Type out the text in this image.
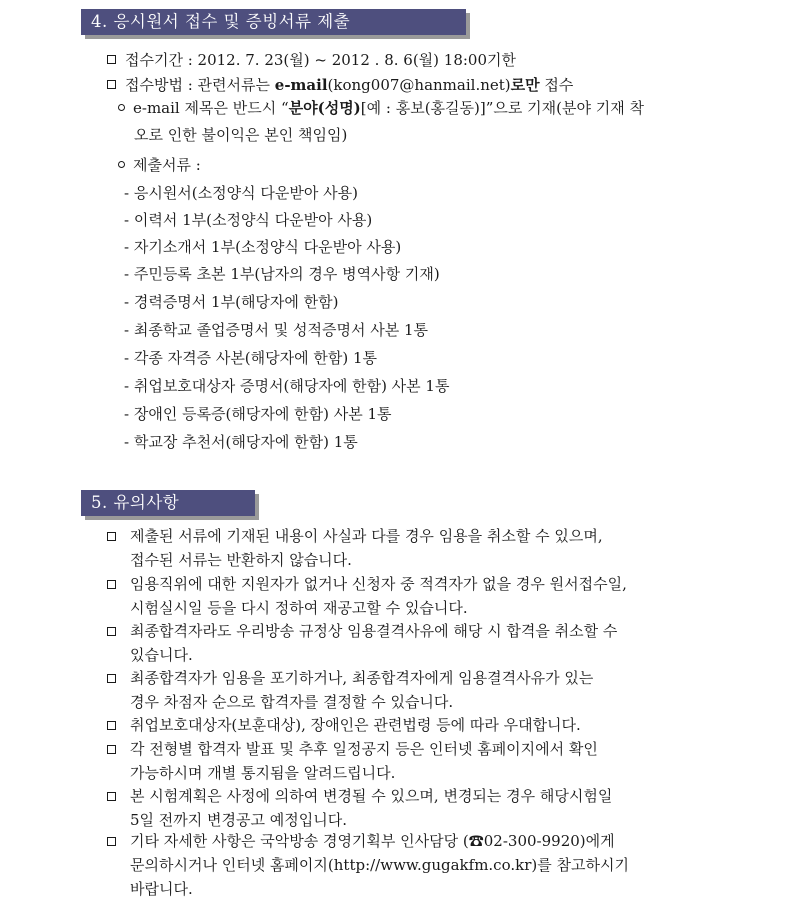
4. 응시원서 접수 및 증빙서류 제출
접수기간 : 2012. 7. 23(월) ~ 2012 . 8. 6(월) 18:00기한
접수방법 : 관련서류는 e-mail(kong007@hanmail.net)로만 접수
e-mail 제목은 반드시 “분야(성명)[예 : 홍보(홍길동)]”으로 기재(분야 기재 착
오로 인한 불이익은 본인 책임임)
제출서류 :
- 응시원서(소정양식 다운받아 사용)
- 이력서 1부(소정양식 다운받아 사용)
- 자기소개서 1부(소정양식 다운받아 사용)
- 주민등록 초본 1부(남자의 경우 병역사항 기재)
- 경력증명서 1부(해당자에 한함)
- 최종학교 졸업증명서 및 성적증명서 사본 1통
- 각종 자격증 사본(해당자에 한함) 1통
- 취업보호대상자 증명서(해당자에 한함) 사본 1통
- 장애인 등록증(해당자에 한함) 사본 1통
- 학교장 추천서(해당자에 한함) 1통
5. 유의사항
제출된 서류에 기재된 내용이 사실과 다를 경우 임용을 취소할 수 있으며,
접수된 서류는 반환하지 않습니다.
임용직위에 대한 지원자가 없거나 신청자 중 적격자가 없을 경우 원서접수일,
시험실시일 등을 다시 정하여 재공고할 수 있습니다.
최종합격자라도 우리방송 규정상 임용결격사유에 해당 시 합격을 취소할 수
있습니다.
최종합격자가 임용을 포기하거나, 최종합격자에게 임용결격사유가 있는
경우 차점자 순으로 합격자를 결정할 수 있습니다.
취업보호대상자(보훈대상), 장애인은 관련법령 등에 따라 우대합니다.
각 전형별 합격자 발표 및 추후 일정공지 등은 인터넷 홈페이지에서 확인
가능하시며 개별 통지됨을 알려드립니다.
본 시험계획은 사정에 의하여 변경될 수 있으며, 변경되는 경우 해당시험일
5일 전까지 변경공고 예정입니다.
기타 자세한 사항은 국악방송 경영기획부 인사담당 (☎02-300-9920)에게
문의하시거나 인터넷 홈페이지(http://www.gugakfm.co.kr)를 참고하시기
바랍니다.
